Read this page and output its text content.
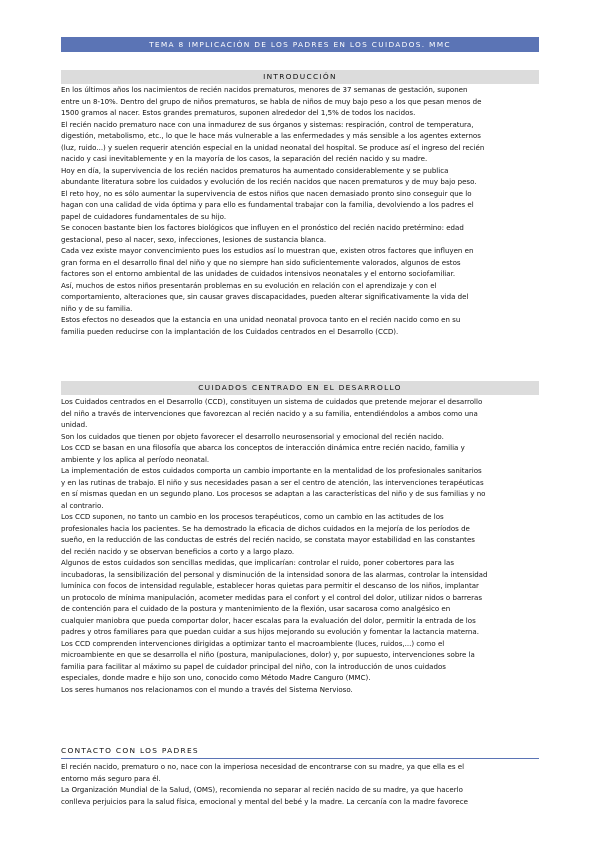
TEMA 8 IMPLICACIÓN DE LOS PADRES EN LOS CUIDADOS. MMC
INTRODUCCIÓN
En los últimos años los nacimientos de recién nacidos prematuros, menores de 37 semanas de gestación, suponen
entre un 8-10%. Dentro del grupo de niños prematuros, se habla de niños de muy bajo peso a los que pesan menos de
1500 gramos al nacer. Estos grandes prematuros, suponen alrededor del 1,5% de todos los nacidos.
El recién nacido prematuro nace con una inmadurez de sus órganos y sistemas: respiración, control de temperatura,
digestión, metabolismo, etc., lo que le hace más vulnerable a las enfermedades y más sensible a los agentes externos
(luz, ruido...) y suelen requerir atención especial en la unidad neonatal del hospital. Se produce así el ingreso del recién
nacido y casi inevitablemente y en la mayoría de los casos, la separación del recién nacido y su madre.
Hoy en día, la supervivencia de los recién nacidos prematuros ha aumentado considerablemente y se publica
abundante literatura sobre los cuidados y evolución de los recién nacidos que nacen prematuros y de muy bajo peso.
El reto hoy, no es sólo aumentar la supervivencia de estos niños que nacen demasiado pronto sino conseguir que lo
hagan con una calidad de vida óptima y para ello es fundamental trabajar con la familia, devolviendo a los padres el
papel de cuidadores fundamentales de su hijo.
Se conocen bastante bien los factores biológicos que influyen en el pronóstico del recién nacido pretérmino: edad
gestacional, peso al nacer, sexo, infecciones, lesiones de sustancia blanca.
Cada vez existe mayor convencimiento pues los estudios así lo muestran que, existen otros factores que influyen en
gran forma en el desarrollo final del niño y que no siempre han sido suficientemente valorados, algunos de estos
factores son el entorno ambiental de las unidades de cuidados intensivos neonatales y el entorno sociofamiliar.
Así, muchos de estos niños presentarán problemas en su evolución en relación con el aprendizaje y con el
comportamiento, alteraciones que, sin causar graves discapacidades, pueden alterar significativamente la vida del
niño y de su familia.
Estos efectos no deseados que la estancia en una unidad neonatal provoca tanto en el recién nacido como en su
familia pueden reducirse con la implantación de los Cuidados centrados en el Desarrollo (CCD).
CUIDADOS CENTRADO EN EL DESARROLLO
Los Cuidados centrados en el Desarrollo (CCD), constituyen un sistema de cuidados que pretende mejorar el desarrollo
del niño a través de intervenciones que favorezcan al recién nacido y a su familia, entendiéndolos a ambos como una
unidad.
Son los cuidados que tienen por objeto favorecer el desarrollo neurosensorial y emocional del recién nacido.
Los CCD se basan en una filosofía que abarca los conceptos de interacción dinámica entre recién nacido, familia y
ambiente y los aplica al período neonatal.
La implementación de estos cuidados comporta un cambio importante en la mentalidad de los profesionales sanitarios
y en las rutinas de trabajo. El niño y sus necesidades pasan a ser el centro de atención, las intervenciones terapéuticas
en sí mismas quedan en un segundo plano. Los procesos se adaptan a las características del niño y de sus familias y no
al contrario.
Los CCD suponen, no tanto un cambio en los procesos terapéuticos, como un cambio en las actitudes de los
profesionales hacia los pacientes. Se ha demostrado la eficacia de dichos cuidados en la mejoría de los períodos de
sueño, en la reducción de las conductas de estrés del recién nacido, se constata mayor estabilidad en las constantes
del recién nacido y se observan beneficios a corto y a largo plazo.
Algunos de estos cuidados son sencillas medidas, que implicarían: controlar el ruido, poner cobertores para las
incubadoras, la sensibilización del personal y disminución de la intensidad sonora de las alarmas, controlar la intensidad
lumínica con focos de intensidad regulable, establecer horas quietas para permitir el descanso de los niños, implantar
un protocolo de mínima manipulación, acometer medidas para el confort y el control del dolor, utilizar nidos o barreras
de contención para el cuidado de la postura y mantenimiento de la flexión, usar sacarosa como analgésico en
cualquier maniobra que pueda comportar dolor, hacer escalas para la evaluación del dolor, permitir la entrada de los
padres y otros familiares para que puedan cuidar a sus hijos mejorando su evolución y fomentar la lactancia materna.
Los CCD comprenden intervenciones dirigidas a optimizar tanto el macroambiente (luces, ruidos,...) como el
microambiente en que se desarrolla el niño (postura, manipulaciones, dolor) y, por supuesto, intervenciones sobre la
familia para facilitar al máximo su papel de cuidador principal del niño, con la introducción de unos cuidados
especiales, donde madre e hijo son uno, conocido como Método Madre Canguro (MMC).
Los seres humanos nos relacionamos con el mundo a través del Sistema Nervioso.
CONTACTO CON LOS PADRES
El recién nacido, prematuro o no, nace con la imperiosa necesidad de encontrarse con su madre, ya que ella es el
entorno más seguro para él.
La Organización Mundial de la Salud, (OMS), recomienda no separar al recién nacido de su madre, ya que hacerlo
conlleva perjuicios para la salud física, emocional y mental del bebé y la madre. La cercanía con la madre favorece
